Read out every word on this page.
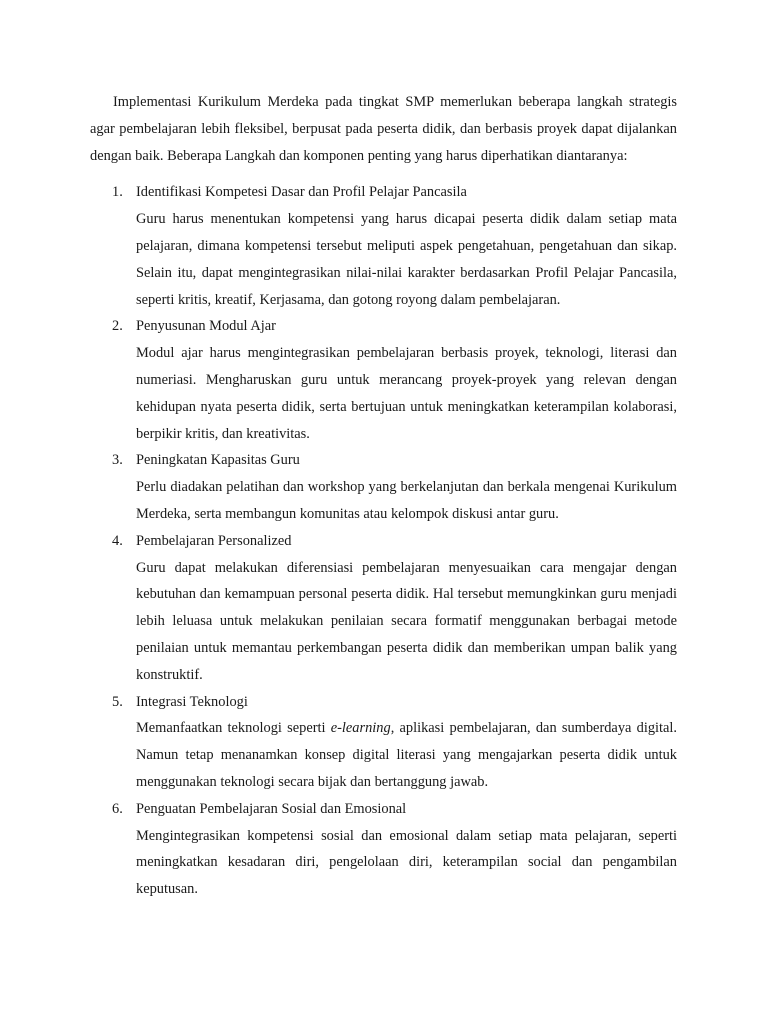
Implementasi Kurikulum Merdeka pada tingkat SMP memerlukan beberapa langkah strategis agar pembelajaran lebih fleksibel, berpusat pada peserta didik, dan berbasis proyek dapat dijalankan dengan baik. Beberapa Langkah dan komponen penting yang harus diperhatikan diantaranya:

1. Identifikasi Kompetesi Dasar dan Profil Pelajar Pancasila

Guru harus menentukan kompetensi yang harus dicapai peserta didik dalam setiap mata pelajaran, dimana kompetensi tersebut meliputi aspek pengetahuan, pengetahuan dan sikap. Selain itu, dapat mengintegrasikan nilai-nilai karakter berdasarkan Profil Pelajar Pancasila, seperti kritis, kreatif, Kerjasama, dan gotong royong dalam pembelajaran.

2. Penyusunan Modul Ajar

Modul ajar harus mengintegrasikan pembelajaran berbasis proyek, teknologi, literasi dan numeriasi. Mengharuskan guru untuk merancang proyek-proyek yang relevan dengan kehidupan nyata peserta didik, serta bertujuan untuk meningkatkan keterampilan kolaborasi, berpikir kritis, dan kreativitas.

3. Peningkatan Kapasitas Guru

Perlu diadakan pelatihan dan workshop yang berkelanjutan dan berkala mengenai Kurikulum Merdeka, serta membangun komunitas atau kelompok diskusi antar guru.

4. Pembelajaran Personalized

Guru dapat melakukan diferensiasi pembelajaran menyesuaikan cara mengajar dengan kebutuhan dan kemampuan personal peserta didik. Hal tersebut memungkinkan guru menjadi lebih leluasa untuk melakukan penilaian secara formatif menggunakan berbagai metode penilaian untuk memantau perkembangan peserta didik dan memberikan umpan balik yang konstruktif.

5. Integrasi Teknologi

Memanfaatkan teknologi seperti e-learning, aplikasi pembelajaran, dan sumberdaya digital. Namun tetap menanamkan konsep digital literasi yang mengajarkan peserta didik untuk menggunakan teknologi secara bijak dan bertanggung jawab.

6. Penguatan Pembelajaran Sosial dan Emosional

Mengintegrasikan kompetensi sosial dan emosional dalam setiap mata pelajaran, seperti meningkatkan kesadaran diri, pengelolaan diri, keterampilan social dan pengambilan keputusan.
